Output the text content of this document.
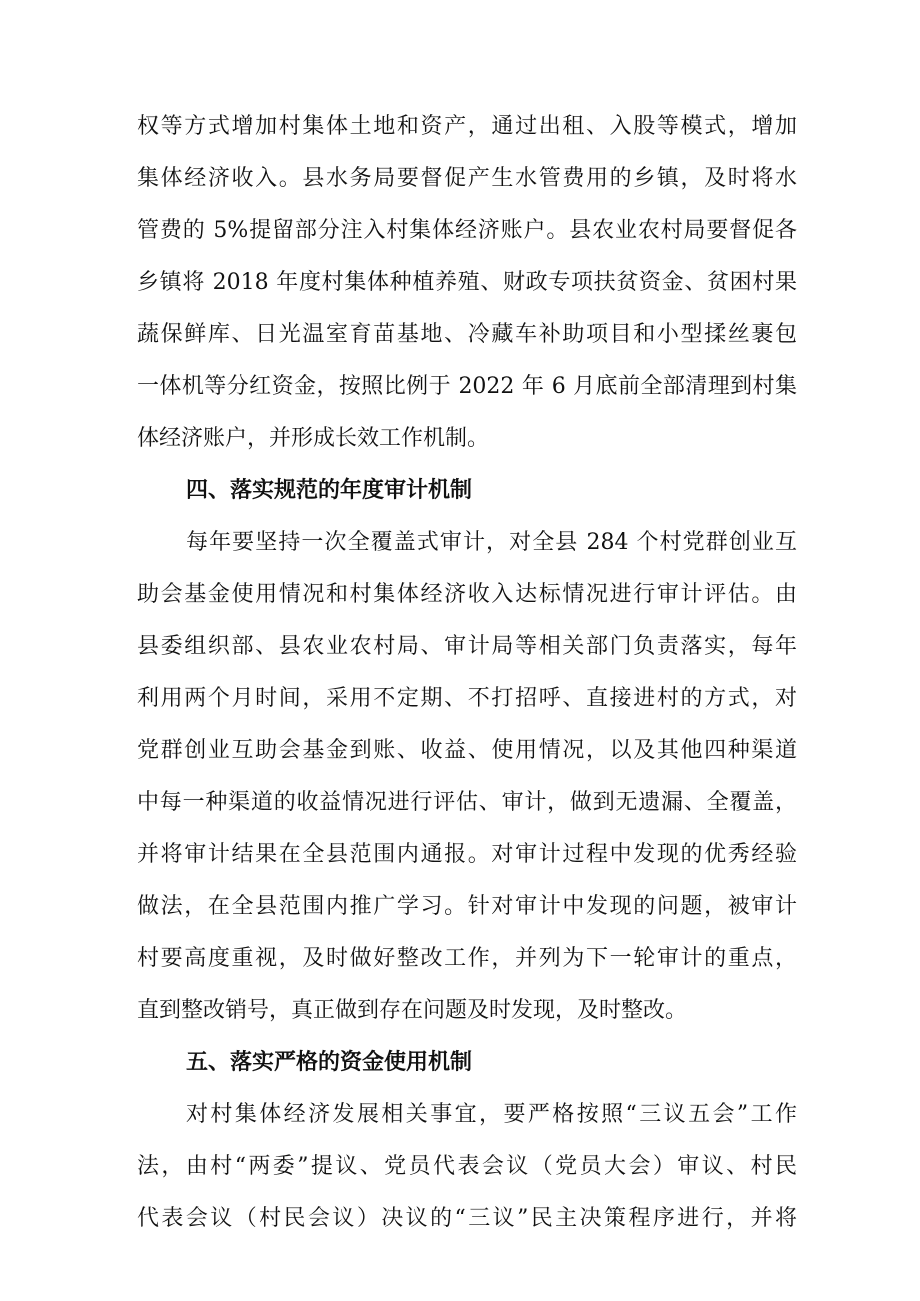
权等方式增加村集体土地和资产，通过出租、入股等模式，增加
集体经济收入。县水务局要督促产生水管费用的乡镇，及时将水
管费的 5%提留部分注入村集体经济账户。县农业农村局要督促各
乡镇将 2018 年度村集体种植养殖、财政专项扶贫资金、贫困村果
蔬保鲜库、日光温室育苗基地、冷藏车补助项目和小型揉丝裹包
一体机等分红资金，按照比例于 2022 年 6 月底前全部清理到村集
体经济账户，并形成长效工作机制。
四、落实规范的年度审计机制
每年要坚持一次全覆盖式审计，对全县 284 个村党群创业互
助会基金使用情况和村集体经济收入达标情况进行审计评估。由
县委组织部、县农业农村局、审计局等相关部门负责落实，每年
利用两个月时间，采用不定期、不打招呼、直接进村的方式，对
党群创业互助会基金到账、收益、使用情况，以及其他四种渠道
中每一种渠道的收益情况进行评估、审计，做到无遗漏、全覆盖，
并将审计结果在全县范围内通报。对审计过程中发现的优秀经验
做法，在全县范围内推广学习。针对审计中发现的问题，被审计
村要高度重视，及时做好整改工作，并列为下一轮审计的重点，
直到整改销号，真正做到存在问题及时发现，及时整改。
五、落实严格的资金使用机制
对村集体经济发展相关事宜，要严格按照“三议五会”工作
法，由村“两委”提议、党员代表会议（党员大会）审议、村民
代表会议（村民会议）决议的“三议”民主决策程序进行，并将
